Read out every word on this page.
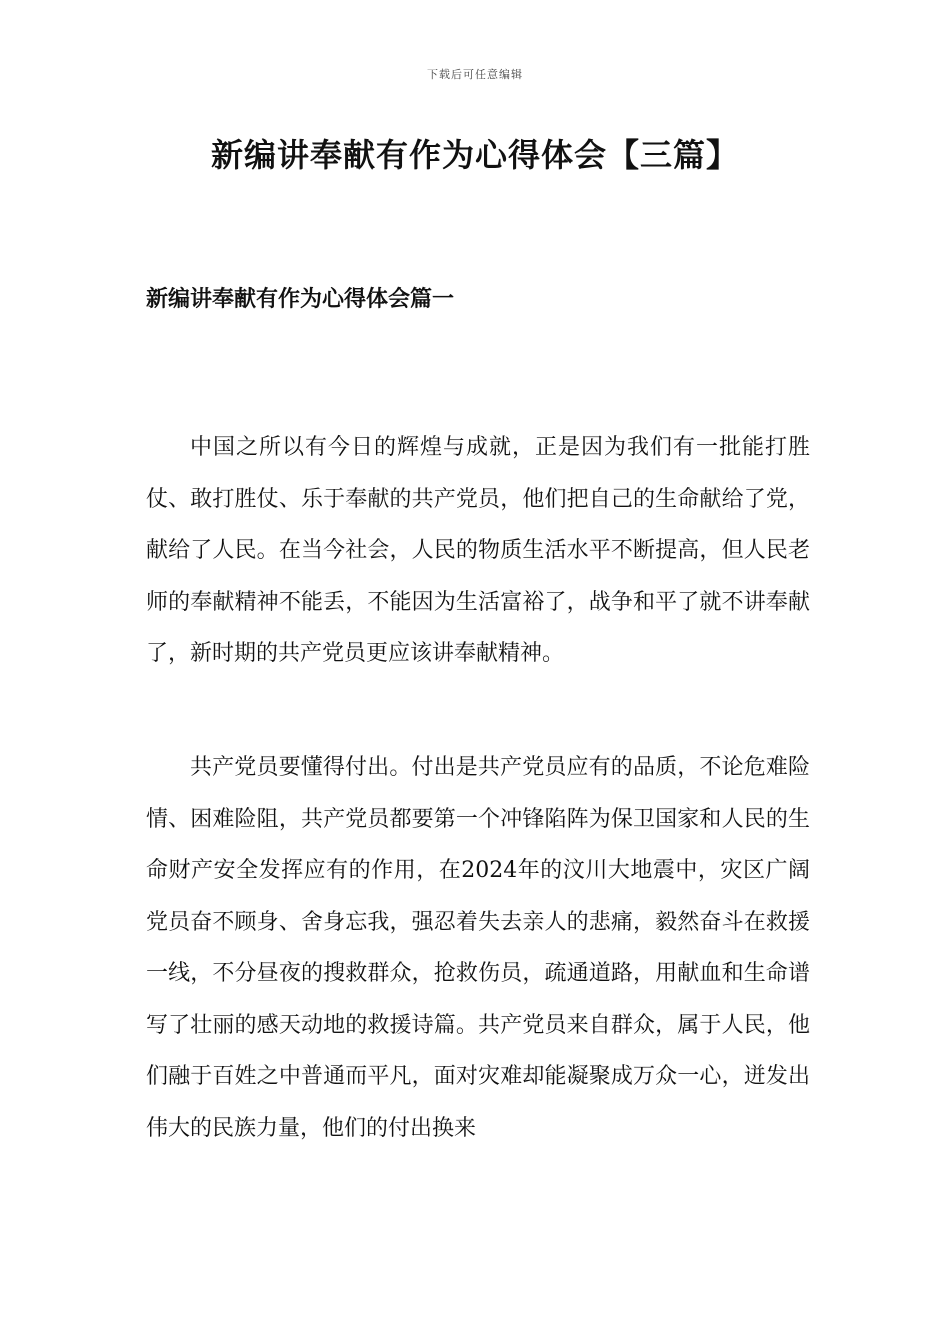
下载后可任意编辑
新编讲奉献有作为心得体会【三篇】
新编讲奉献有作为心得体会篇一

中国之所以有今日的辉煌与成就，正是因为我们有一批能打胜仗、敢打胜仗、乐于奉献的共产党员，他们把自己的生命献给了党，献给了人民。在当今社会，人民的物质生活水平不断提高，但人民老师的奉献精神不能丢，不能因为生活富裕了，战争和平了就不讲奉献了，新时期的共产党员更应该讲奉献精神。

共产党员要懂得付出。付出是共产党员应有的品质，不论危难险情、困难险阻，共产党员都要第一个冲锋陷阵为保卫国家和人民的生命财产安全发挥应有的作用，在2024年的汶川大地震中，灾区广阔党员奋不顾身、舍身忘我，强忍着失去亲人的悲痛，毅然奋斗在救援一线，不分昼夜的搜救群众，抢救伤员，疏通道路，用献血和生命谱写了壮丽的感天动地的救援诗篇。共产党员来自群众，属于人民，他们融于百姓之中普通而平凡，面对灾难却能凝聚成万众一心，迸发出伟大的民族力量，他们的付出换来
